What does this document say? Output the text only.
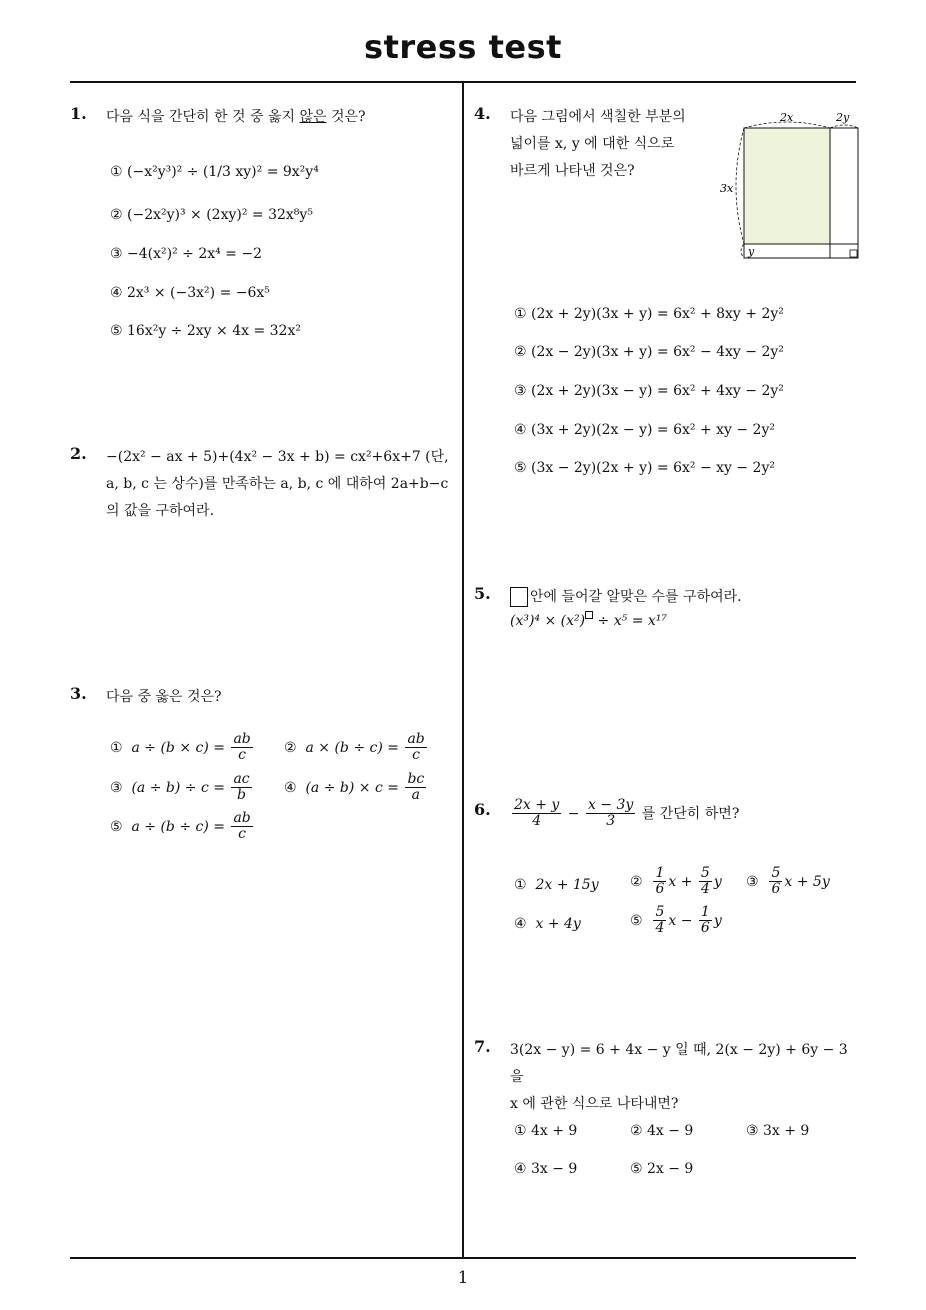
stress test
1
1. 다음 식을 간단히 한 것 중 옳지 않은 것은?
① (−x²y³)² ÷ (1/3 xy)² = 9x²y⁴
② (−2x²y)³ × (2xy)² = 32x⁸y⁵
③ −4(x²)² ÷ 2x⁴ = −2
④ 2x³ × (−3x²) = −6x⁵
⑤ 16x²y ÷ 2xy × 4x = 32x²
2. −(2x² − ax + 5)+(4x² − 3x + b) = cx²+6x+7 (단,
a, b, c 는 상수)를 만족하는 a, b, c 에 대하여 2a+b−c
의 값을 구하여라.
3. 다음 중 옳은 것은?
① $a \div (b \times c) = \frac{ab}{c}$ ② $a \times (b \div c) = \frac{ab}{c}$
③ $(a \div b) \div c = \frac{ac}{b}$ ④ $(a \div b) \times c = \frac{bc}{a}$
⑤ $a \div (b \div c) = \frac{ab}{c}$
4. 다음 그림에서 색칠한 부분의
넓이를 x, y 에 대한 식으로
바르게 나타낸 것은?
2x	2y
3x
y
① (2x + 2y)(3x + y) = 6x² + 8xy + 2y²
② (2x − 2y)(3x + y) = 6x² − 4xy − 2y²
③ (2x + 2y)(3x − y) = 6x² + 4xy − 2y²
④ (3x + 2y)(2x − y) = 6x² + xy − 2y²
⑤ (3x − 2y)(2x + y) = 6x² − xy − 2y²
5.	안에 들어갈 알맞은 수를 구하여라.
(x³)⁴ × (x²) ÷ x⁵ = x¹⁷
6. $\frac{2x + y}{4} - \frac{x - 3y}{3}$ 를 간단히 하면?
① 2x + 15y ② $\frac{1}{6}$ $x + \frac{5}{4}$ y ③ $\frac{5}{6}$ x + 5y
④ x + 4y	⑤ $\frac{5}{4}$ $x - \frac{1}{6}$ y
7. 3(2x − y) = 6 + 4x − y 일 때, 2(x − 2y) + 6y − 3 을
x 에 관한 식으로 나타내면?
① 4x + 9	② 4x − 9	③ 3x + 9
④ 3x − 9	⑤ 2x − 9
